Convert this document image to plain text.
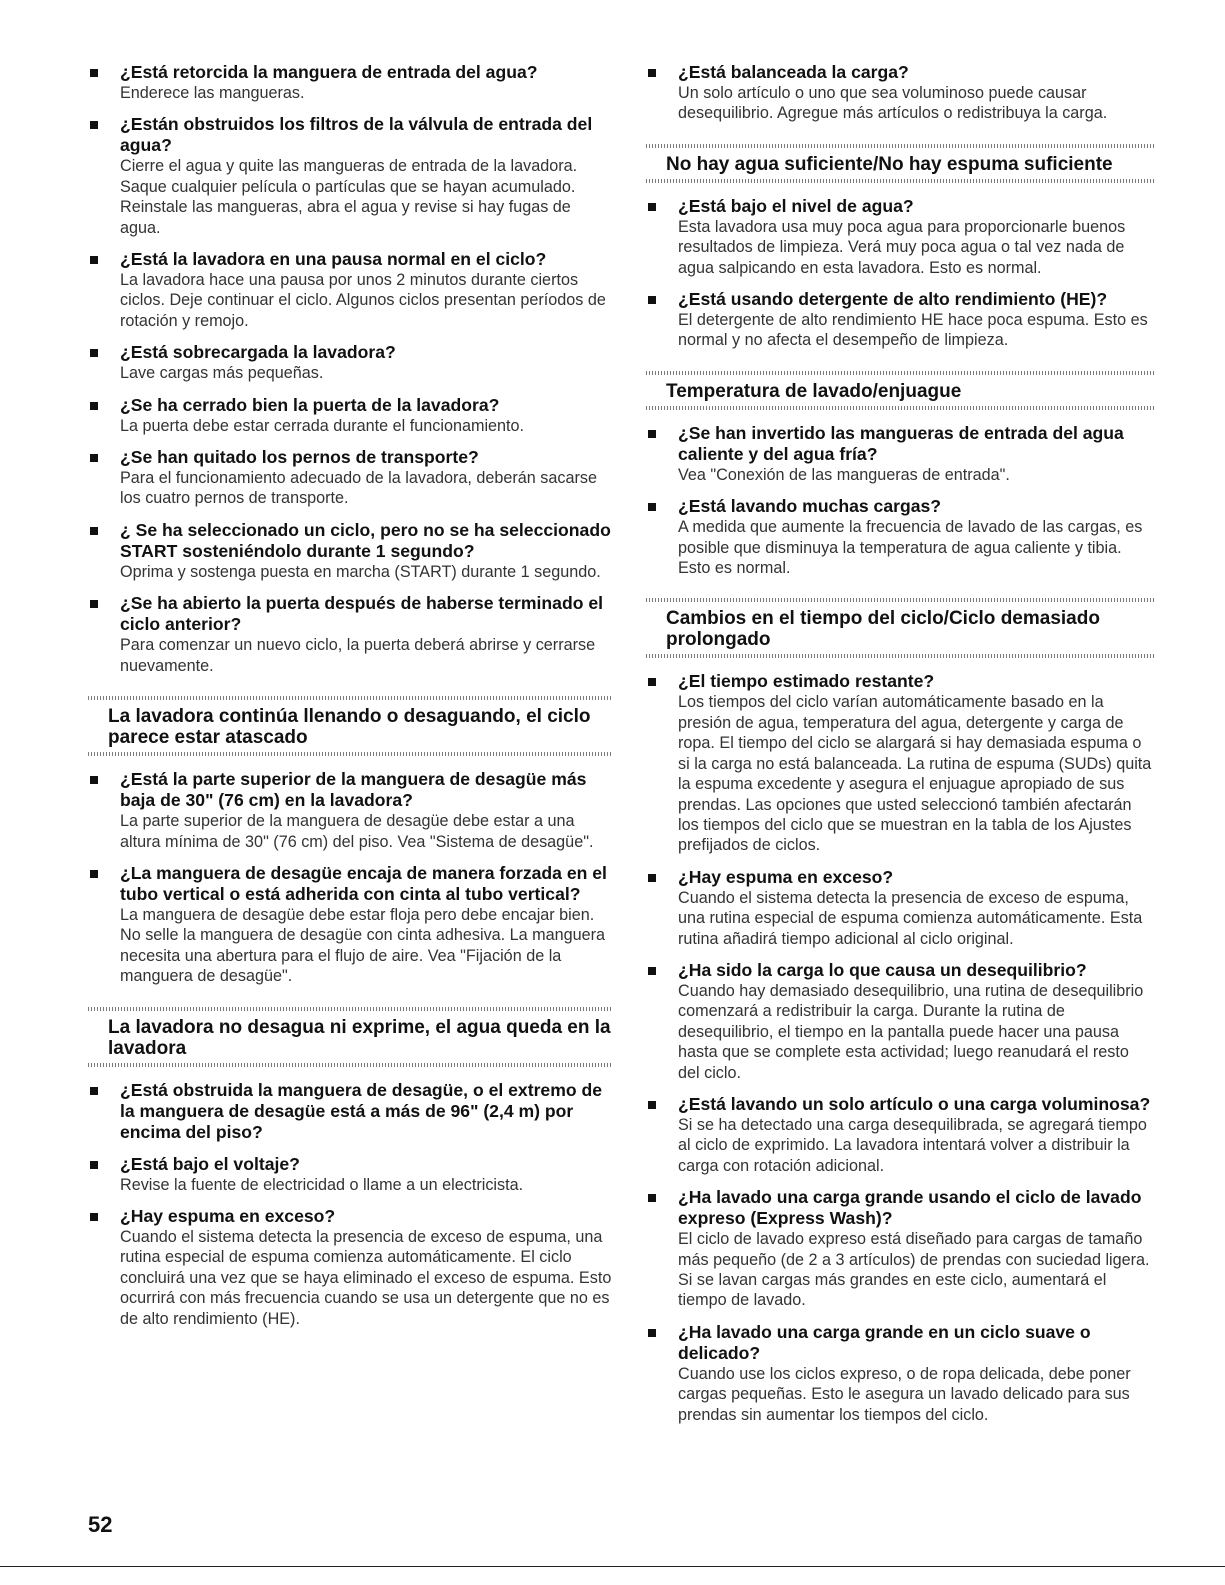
¿Está retorcida la manguera de entrada del agua?
Enderece las mangueras.
¿Están obstruidos los filtros de la válvula de entrada del agua?
Cierre el agua y quite las mangueras de entrada de la lavadora. Saque cualquier película o partículas que se hayan acumulado. Reinstale las mangueras, abra el agua y revise si hay fugas de agua.
¿Está la lavadora en una pausa normal en el ciclo?
La lavadora hace una pausa por unos 2 minutos durante ciertos ciclos. Deje continuar el ciclo. Algunos ciclos presentan períodos de rotación y remojo.
¿Está sobrecargada la lavadora?
Lave cargas más pequeñas.
¿Se ha cerrado bien la puerta de la lavadora?
La puerta debe estar cerrada durante el funcionamiento.
¿Se han quitado los pernos de transporte?
Para el funcionamiento adecuado de la lavadora, deberán sacarse los cuatro pernos de transporte.
¿ Se ha seleccionado un ciclo, pero no se ha seleccionado START sosteniéndolo durante 1 segundo?
Oprima y sostenga puesta en marcha (START) durante 1 segundo.
¿Se ha abierto la puerta después de haberse terminado el ciclo anterior?
Para comenzar un nuevo ciclo, la puerta deberá abrirse y cerrarse nuevamente.
La lavadora continúa llenando o desaguando, el ciclo parece estar atascado
¿Está la parte superior de la manguera de desagüe más baja de 30" (76 cm) en la lavadora?
La parte superior de la manguera de desagüe debe estar a una altura mínima de 30" (76 cm) del piso. Vea "Sistema de desagüe".
¿La manguera de desagüe encaja de manera forzada en el tubo vertical o está adherida con cinta al tubo vertical?
La manguera de desagüe debe estar floja pero debe encajar bien. No selle la manguera de desagüe con cinta adhesiva. La manguera necesita una abertura para el flujo de aire. Vea "Fijación de la manguera de desagüe".
La lavadora no desagua ni exprime, el agua queda en la lavadora
¿Está obstruida la manguera de desagüe, o el extremo de la manguera de desagüe está a más de 96" (2,4 m) por encima del piso?
¿Está bajo el voltaje?
Revise la fuente de electricidad o llame a un electricista.
¿Hay espuma en exceso?
Cuando el sistema detecta la presencia de exceso de espuma, una rutina especial de espuma comienza automáticamente. El ciclo concluirá una vez que se haya eliminado el exceso de espuma. Esto ocurrirá con más frecuencia cuando se usa un detergente que no es de alto rendimiento (HE).
¿Está balanceada la carga?
Un solo artículo o uno que sea voluminoso puede causar desequilibrio. Agregue más artículos o redistribuya la carga.
No hay agua suficiente/No hay espuma suficiente
¿Está bajo el nivel de agua?
Esta lavadora usa muy poca agua para proporcionarle buenos resultados de limpieza. Verá muy poca agua o tal vez nada de agua salpicando en esta lavadora. Esto es normal.
¿Está usando detergente de alto rendimiento (HE)?
El detergente de alto rendimiento HE hace poca espuma. Esto es normal y no afecta el desempeño de limpieza.
Temperatura de lavado/enjuague
¿Se han invertido las mangueras de entrada del agua caliente y del agua fría?
Vea "Conexión de las mangueras de entrada".
¿Está lavando muchas cargas?
A medida que aumente la frecuencia de lavado de las cargas, es posible que disminuya la temperatura de agua caliente y tibia. Esto es normal.
Cambios en el tiempo del ciclo/Ciclo demasiado prolongado
¿El tiempo estimado restante?
Los tiempos del ciclo varían automáticamente basado en la presión de agua, temperatura del agua, detergente y carga de ropa. El tiempo del ciclo se alargará si hay demasiada espuma o si la carga no está balanceada. La rutina de espuma (SUDs) quita la espuma excedente y asegura el enjuague apropiado de sus prendas. Las opciones que usted seleccionó también afectarán los tiempos del ciclo que se muestran en la tabla de los Ajustes prefijados de ciclos.
¿Hay espuma en exceso?
Cuando el sistema detecta la presencia de exceso de espuma, una rutina especial de espuma comienza automáticamente. Esta rutina añadirá tiempo adicional al ciclo original.
¿Ha sido la carga lo que causa un desequilibrio?
Cuando hay demasiado desequilibrio, una rutina de desequilibrio comenzará a redistribuir la carga. Durante la rutina de desequilibrio, el tiempo en la pantalla puede hacer una pausa hasta que se complete esta actividad; luego reanudará el resto del ciclo.
¿Está lavando un solo artículo o una carga voluminosa?
Si se ha detectado una carga desequilibrada, se agregará tiempo al ciclo de exprimido. La lavadora intentará volver a distribuir la carga con rotación adicional.
¿Ha lavado una carga grande usando el ciclo de lavado expreso (Express Wash)?
El ciclo de lavado expreso está diseñado para cargas de tamaño más pequeño (de 2 a 3 artículos) de prendas con suciedad ligera. Si se lavan cargas más grandes en este ciclo, aumentará el tiempo de lavado.
¿Ha lavado una carga grande en un ciclo suave o delicado?
Cuando use los ciclos expreso, o de ropa delicada, debe poner cargas pequeñas. Esto le asegura un lavado delicado para sus prendas sin aumentar los tiempos del ciclo.
52
